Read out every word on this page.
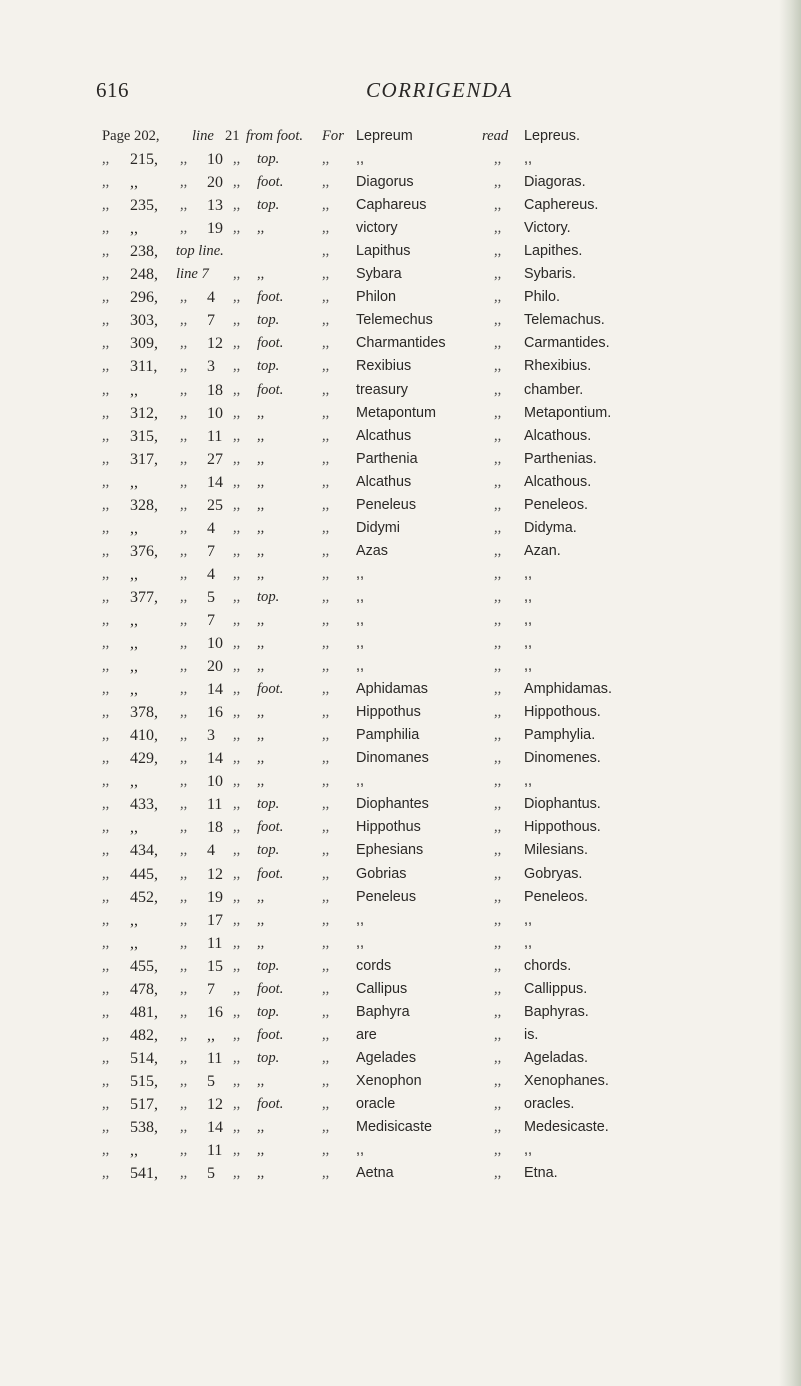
616	CORRIGENDA
Page 202, line 21 from foot. For Lepreum	read Lepreus.
,, 215, ,, 10 ,, top.	,, ,,	,, ,,
,, ,,	,, 20 ,, foot.	,, Diagorus	,, Diagoras.
,, 235, ,, 13 ,, top.	,, Caphareus	,, Caphereus.
,, ,,	,, 19 ,, ,,	,, victory	,, Victory.
,, 238, top line.	,, Lapithus	,, Lapithes.
,, 248, line 7 ,, ,,	,, Sybara	,, Sybaris.
,, 296, ,, 4 ,, foot.	,, Philon	,, Philo.
,, 303, ,, 7 ,, top.	,, Telemechus	,, Telemachus.
,, 309, ,, 12 ,, foot.	,, Charmantides	,, Carmantides.
,, 311, ,, 3 ,, top.	,, Rexibius	,, Rhexibius.
,, ,,	,, 18 ,, foot.	,, treasury	,, chamber.
,, 312, ,, 10 ,, ,,	,, Metapontum	,, Metapontium.
,, 315, ,, 11 ,, ,,	,, Alcathus	,, Alcathous.
,, 317, ,, 27 ,, ,,	,, Parthenia	,, Parthenias.
,, ,,	,, 14 ,, ,,	,, Alcathus	,, Alcathous.
,, 328, ,, 25 ,, ,,	,, Peneleus	,, Peneleos.
,, ,,	,, 4 ,, ,,	,, Didymi	,, Didyma.
,, 376, ,, 7 ,, ,,	,, Azas	,, Azan.
,, ,,	,, 4 ,, ,,	,, ,,	,, ,,
,, 377, ,, 5 ,, top.	,, ,,	,, ,,
,, ,,	,, 7 ,, ,,	,, ,,	,, ,,
,, ,,	,, 10 ,, ,,	,, ,,	,, ,,
,, ,,	,, 20 ,, ,,	,, ,,	,, ,,
,, ,,	,, 14 ,, foot.	,, Aphidamas	,, Amphidamas.
,, 378, ,, 16 ,, ,,	,, Hippothus	,, Hippothous.
,, 410, ,, 3 ,, ,,	,, Pamphilia	,, Pamphylia.
,, 429, ,, 14 ,, ,,	,, Dinomanes	,, Dinomenes.
,, ,,	,, 10 ,, ,,	,, ,,	,, ,,
,, 433, ,, 11 ,, top.	,, Diophantes	,, Diophantus.
,, ,,	,, 18 ,, foot.	,, Hippothus	,, Hippothous.
,, 434, ,, 4 ,, top.	,, Ephesians	,, Milesians.
,, 445, ,, 12 ,, foot.	,, Gobrias	,, Gobryas.
,, 452, ,, 19 ,, ,,	,, Peneleus	,, Peneleos.
,, ,,	,, 17 ,, ,,	,, ,,	,, ,,
,, ,,	,, 11 ,, ,,	,, ,,	,, ,,
,, 455, ,, 15 ,, top.	,, cords	,, chords.
,, 478, ,, 7 ,, foot.	,, Callipus	,, Callippus.
,, 481, ,, 16 ,, top.	,, Baphyra	,, Baphyras.
,, 482, ,, ,, ,, foot.	,, are	,, is.
,, 514, ,, 11 ,, top.	,, Agelades	,, Ageladas.
,, 515, ,, 5 ,, ,,	,, Xenophon	,, Xenophanes.
,, 517, ,, 12 ,, foot.	,, oracle	,, oracles.
,, 538, ,, 14 ,, ,,	,, Medisicaste	,, Medesicaste.
,, ,,	,, 11 ,, ,,	,, ,,	,, ,,
,, 541, ,, 5 ,, ,,	,, Aetna	,, Etna.
